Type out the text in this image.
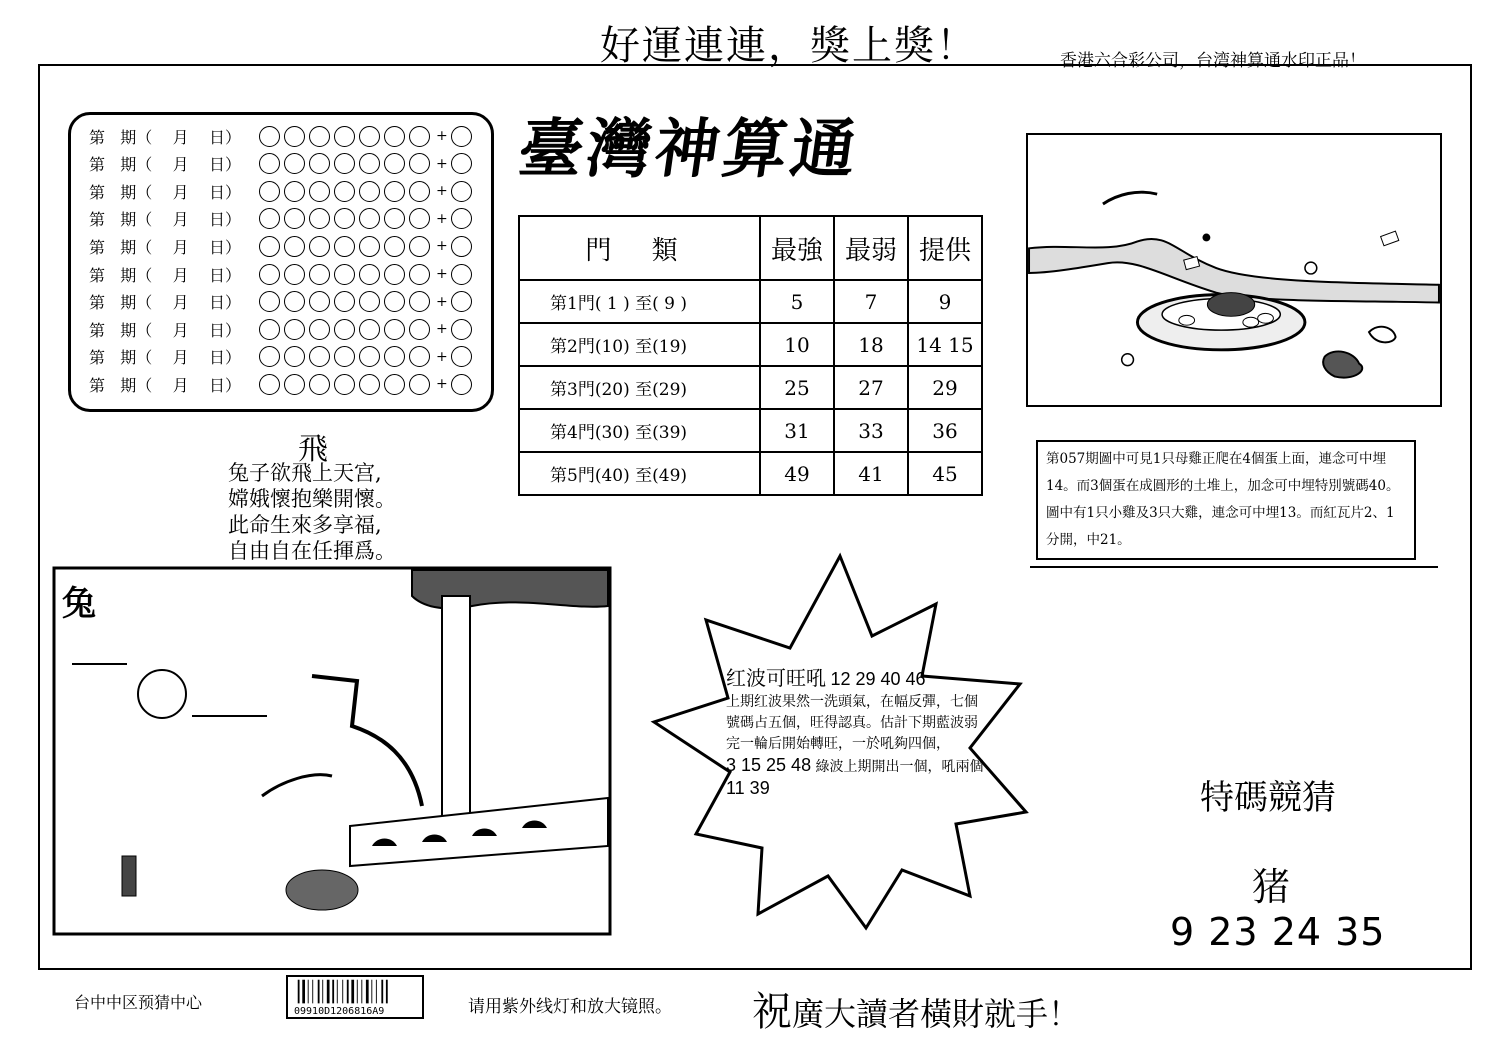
好運連連，獎上獎！	香港六合彩公司，台湾神算通水印正品！
第   期（    月    日）	+
第   期（    月    日）	+
第   期（    月    日）	+
第   期（    月    日）	+
第   期（    月    日）	+
第   期（    月    日）	+
第   期（    月    日）	+
第   期（    月    日）	+
第   期（    月    日）	+
第   期（    月    日）	+
臺灣神算通
門 類	最強	最弱	提供
第1門( 1 ) 至( 9 )	5	7	9
第2門(10) 至(19)	10	18	14 15
第3門(20) 至(29)	25	27	29
第4門(30) 至(39)	31	33	36
第5門(40) 至(49)	49	41	45
第057期圖中可見1只母雞正爬在4個蛋上面，連念可中埋14。而3個蛋在成圓形的土堆上，加念可中埋特別號碼40。圖中有1只小雞及3只大雞，連念可中埋13。而紅瓦片2、1分開，中21。
飛
兔子欲飛上天宫,
嫦娥懷抱樂開懷。
此命生來多享福,
自由自在任揮爲。
兔
红波可旺吼 12 29 40 46
上期红波果然一洗頭氣，在幅反彈，七個號碼占五個，旺得認真。估計下期藍波弱完一輪后開始轉旺，一於吼夠四個，
3 15 25 48 綠波上期開出一個，吼兩個 11 39	特碼競猜
猪
9 23 24 35
台中中区预猜中心	09910D1206816A9	请用紫外线灯和放大镜照。 祝廣大讀者橫財就手！
